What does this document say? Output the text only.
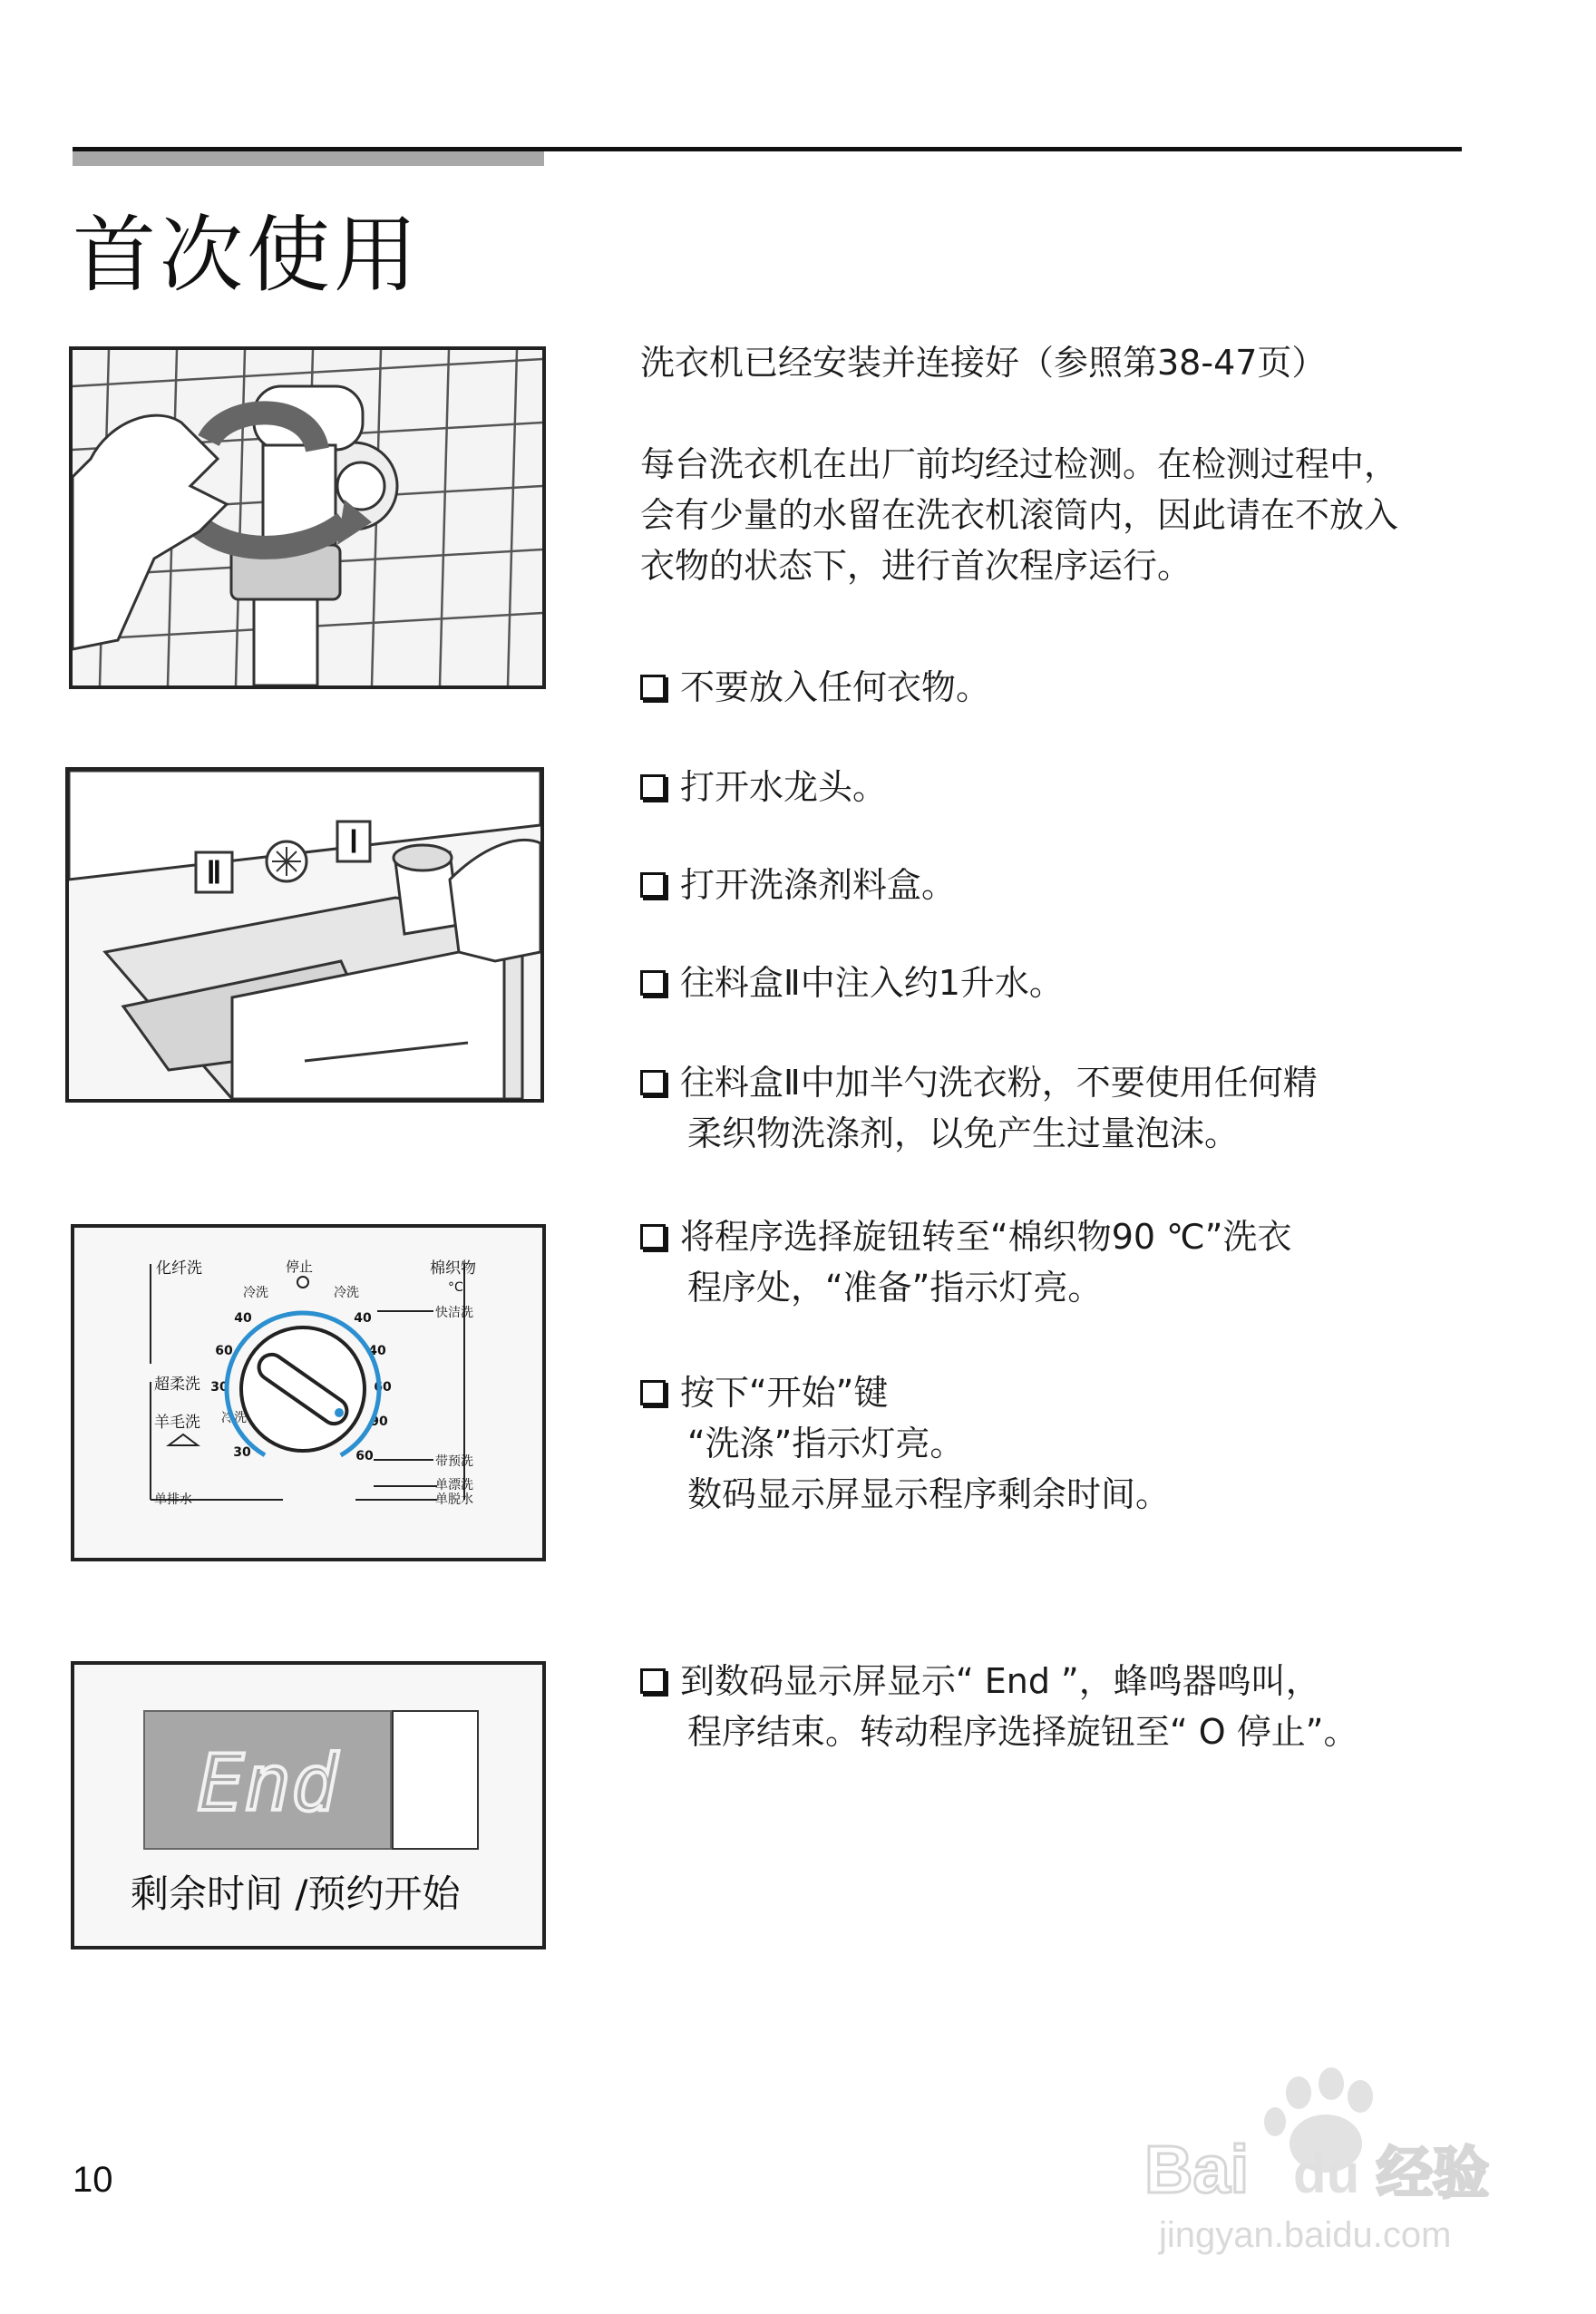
首次使用
Ⅱ
Ⅰ
化纤洗	停止	棉织物
°C
冷洗	冷洗
快洁洗
超柔洗
羊毛洗 冷洗
带预洗
单漂洗
单脱水
单排水
40
60
30
30
40
40
60
90
60
End
剩余时间 /预约开始
洗衣机已经安装并连接好（参照第38-47页）
每台洗衣机在出厂前均经过检测。在检测过程中，
会有少量的水留在洗衣机滚筒内，因此请在不放入
衣物的状态下，进行首次程序运行。
不要放入任何衣物。
打开水龙头。
打开洗涤剂料盒。
往料盒Ⅱ中注入约1升水。
往料盒Ⅱ中加半勺洗衣粉，不要使用任何精
柔织物洗涤剂，以免产生过量泡沫。
将程序选择旋钮转至“棉织物90 ℃”洗衣
程序处，“准备”指示灯亮。
按下“开始”键
“洗涤”指示灯亮。
数码显示屏显示程序剩余时间。
到数码显示屏显示“ End ”，蜂鸣器鸣叫，
程序结束。转动程序选择旋钮至“ O 停止”。
10	Bai du 经验
jingyan.baidu.com
